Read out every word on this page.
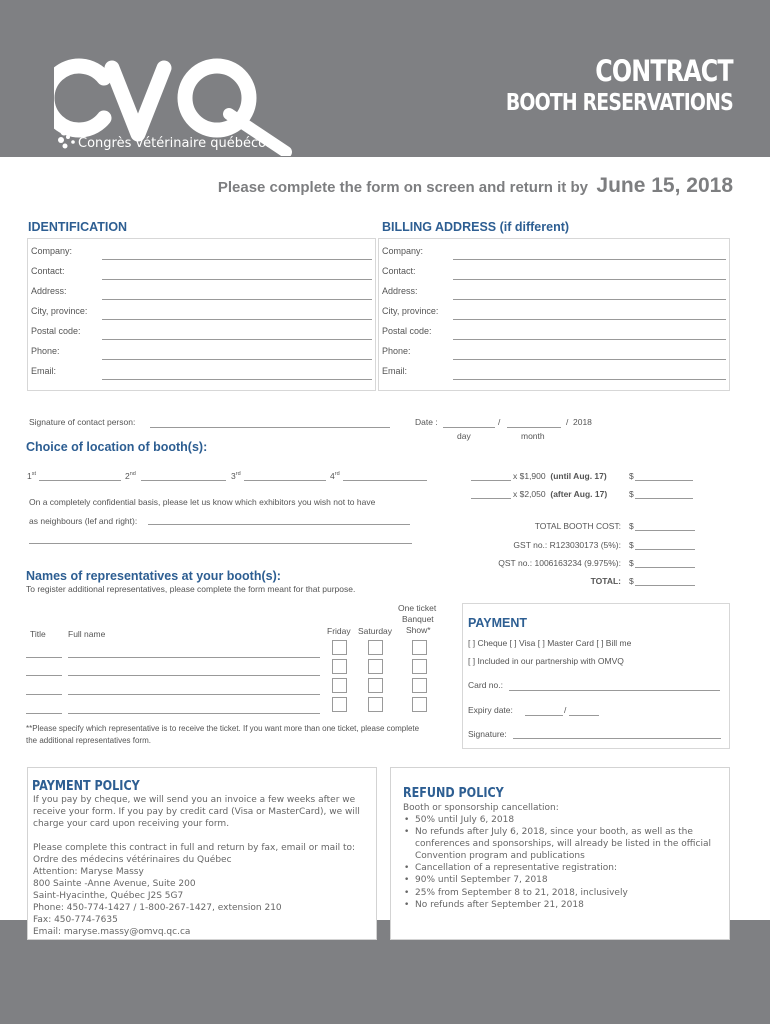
Congrès vétérinaire québécois
CONTRACT
BOOTH RESERVATIONS
Please complete the form on screen and return it by June 15, 2018
IDENTIFICATION
Company:
Contact:
Address:
City, province:
Postal code:
Phone:
Email:
BILLING ADDRESS (if different)
Company:
Contact:
Address:
City, province:
Postal code:
Phone:
Email:
Signature of contact person:	Date :	/	/ 2018
day	month
Choice of location of booth(s):
1st	2nd	3rd	4rd
On a completely confidential basis, please let us know which exhibitors you wish not to have
as neighbours (lef and right):
x $1,900 (until Aug. 17)	$
x $2,050 (after Aug. 17)	$
TOTAL BOOTH COST: $
GST no.: R123030173 (5%): $
QST no.: 1006163234 (9.975%): $
TOTAL: $
Names of representatives at your booth(s):
To register additional representatives, please complete the form meant for that purpose.
One ticket
Banquet
Show*
Title	Full name	Friday Saturday
**Please specify which representative is to receive the ticket. If you want more than one ticket, please complete
the additional representatives form.
PAYMENT
[ ] Cheque [ ] Visa [ ] Master Card [ ] Bill me
[ ] Included in our partnership with OMVQ
Card no.:
Expiry date:	/
Signature:
PAYMENT POLICY
If you pay by cheque, we will send you an invoice a few weeks after we
receive your form. If you pay by credit card (Visa or MasterCard), we will
charge your card upon receiving your form.

Please complete this contract in full and return by fax, email or mail to:
Ordre des médecins vétérinaires du Québec
Attention: Maryse Massy
800 Sainte -Anne Avenue, Suite 200
Saint-Hyacinthe, Québec J2S 5G7
Phone: 450-774-1427 / 1-800-267-1427, extension 210
Fax: 450-774-7635
Email: maryse.massy@omvq.qc.ca
REFUND POLICY
Booth or sponsorship cancellation:
• 50% until July 6, 2018
• No refunds after July 6, 2018, since your booth, as well as the conferences and sponsorships, will already be listed in the official Convention program and publications
• Cancellation of a representative registration:
• 90% until September 7, 2018
• 25% from September 8 to 21, 2018, inclusively
• No refunds after September 21, 2018
